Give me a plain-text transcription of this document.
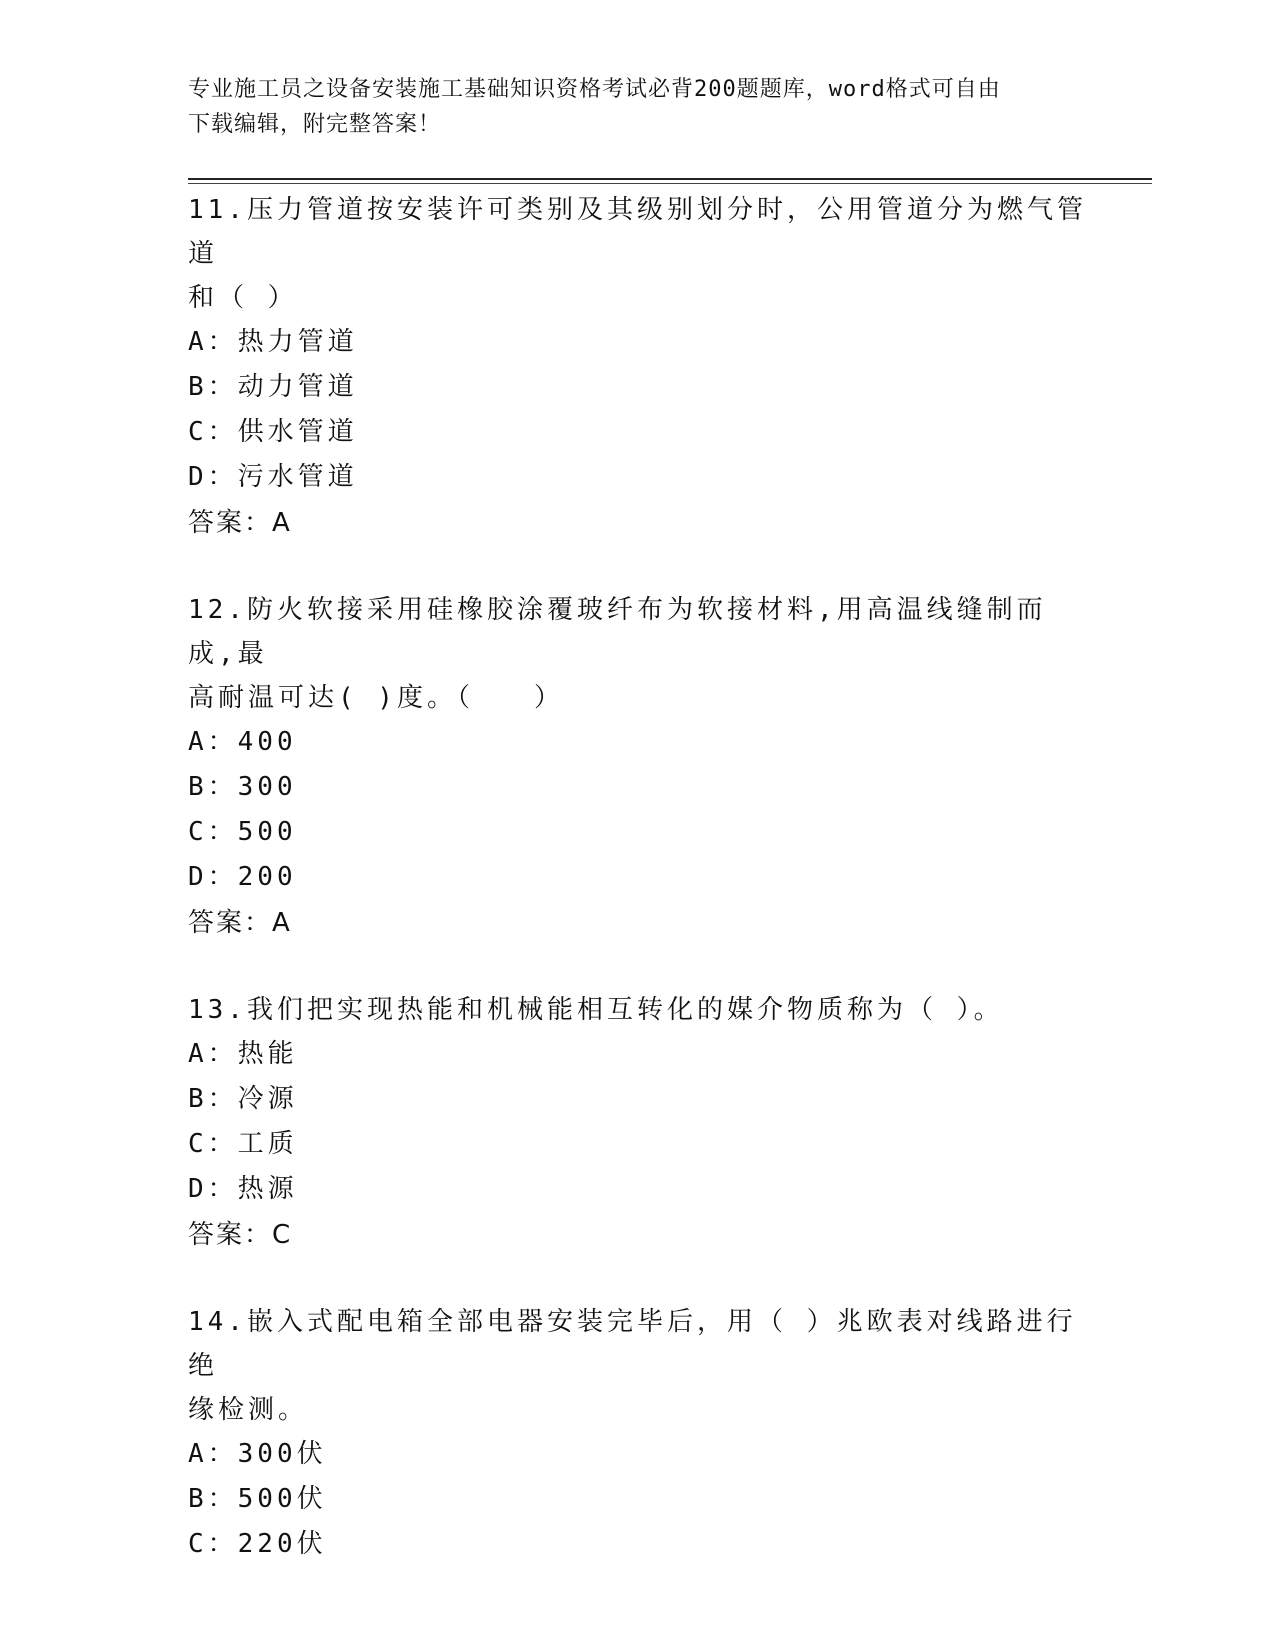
专业施工员之设备安装施工基础知识资格考试必背200题题库，word格式可自由
下载编辑，附完整答案！

11.压力管道按安装许可类别及其级别划分时，公用管道分为燃气管道
和（ ）

A：热力管道

B：动力管道

C：供水管道

D：污水管道

答案：A

12.防火软接采用硅橡胶涂覆玻纤布为软接材料,用高温线缝制而成,最
高耐温可达( )度。（　　）

A：400

B：300

C：500

D：200

答案：A

13.我们把实现热能和机械能相互转化的媒介物质称为（ ）。

A：热能

B：冷源

C：工质

D：热源

答案：C

14.嵌入式配电箱全部电器安装完毕后，用（ ）兆欧表对线路进行绝
缘检测。

A：300伏

B：500伏

C：220伏
